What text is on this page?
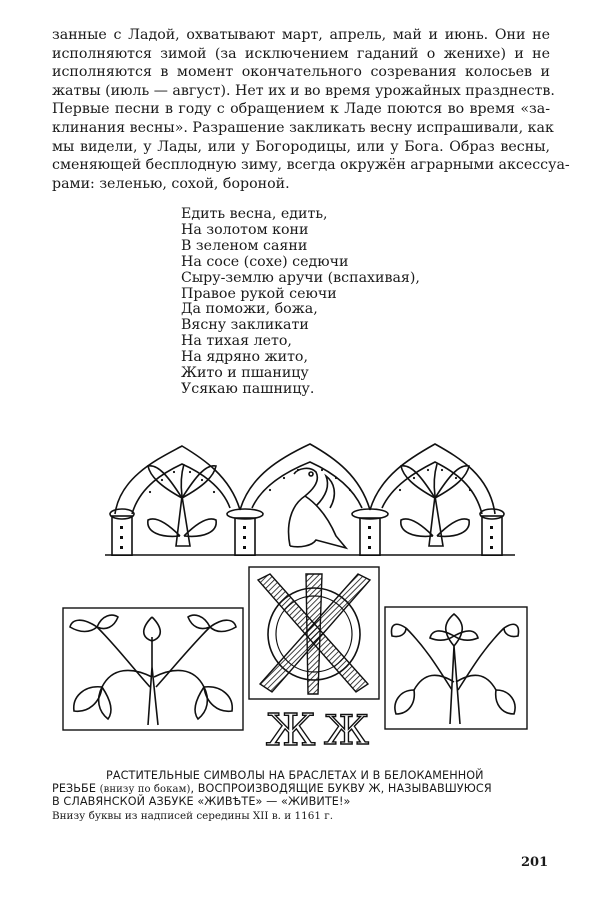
занные с Ладой, охватывают март, апрель, май и июнь. Они не
исполняются зимой (за исключением гаданий о женихе) и не
исполняются в момент окончательного созревания колосьев и
жатвы (июль — август). Нет их и во время урожайных празднеств.
Первые песни в году с обращением к Ладе поются во время «за-
клинания весны». Разрашение закликать весну испрашивали, как
мы видели, у Лады, или у Богородицы, или у Бога. Образ весны,
сменяющей бесплодную зиму, всегда окружён аграрными аксессуа-
рами: зеленью, сохой, бороной.
Едить весна, едить,
На золотом кони
В зеленом саяни
На сосе (сохе) седючи
Сыру-землю аручи (вспахивая),
Правое рукой сеючи
Да поможи, божа,
Вясну закликати
На тихая лето,
На ядряно жито,
Жито и пшаницу
Усякаю пашницу.
Ж Ж
РАСТИТЕЛЬНЫЕ СИМВОЛЫ НА БРАСЛЕТАХ И В БЕЛОКАМЕННОЙ
РЕЗЬБЕ (внизу по бокам), ВОСПРОИЗВОДЯЩИЕ БУКВУ Ж, НАЗЫВАВШУЮСЯ
В СЛАВЯНСКОЙ АЗБУКЕ «ЖИВѢТЕ» — «ЖИВИТЕ!»
Внизу буквы из надписей середины XII в. и 1161 г.
201
